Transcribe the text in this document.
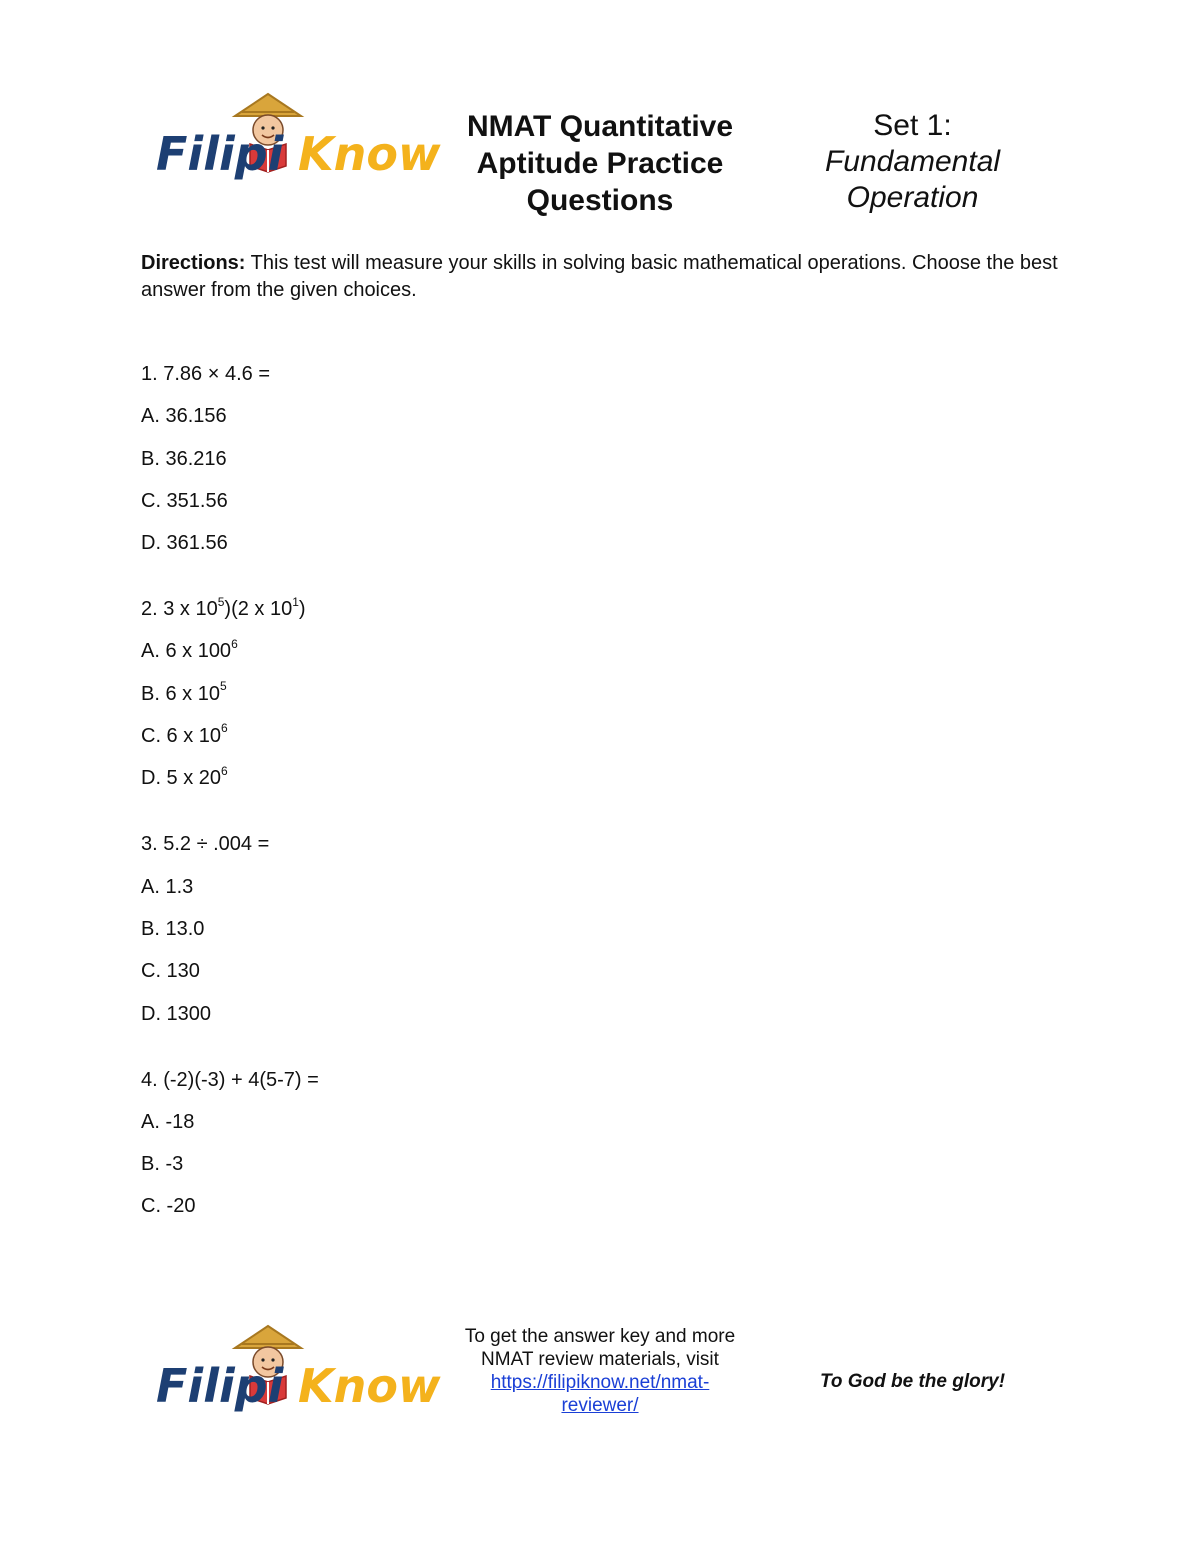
Filipi Know
NMAT Quantitative
Aptitude Practice
Questions
Set 1:
Fundamental
Operation
Directions: This test will measure your skills in solving basic mathematical operations. Choose the best answer from the given choices.
1. 7.86 × 4.6 =
A. 36.156
B. 36.216
C. 351.56
D. 361.56
2. 3 x $10^5)(2$ x $10^1$)
A. 6 x $100^6$
B. 6 x $10^5$
C. 6 x $10^6$
D. 5 x $20^6$
3. 5.2 ÷ .004 =
A. 1.3
B. 13.0
C. 130
D. 1300
4. (-2)(-3) + 4(5-7) =
A. -18
B. -3
C. -20
Filipi Know
To get the answer key and more
NMAT review materials, visit
https://filipiknow.net/nmat-
reviewer/
To God be the glory!
